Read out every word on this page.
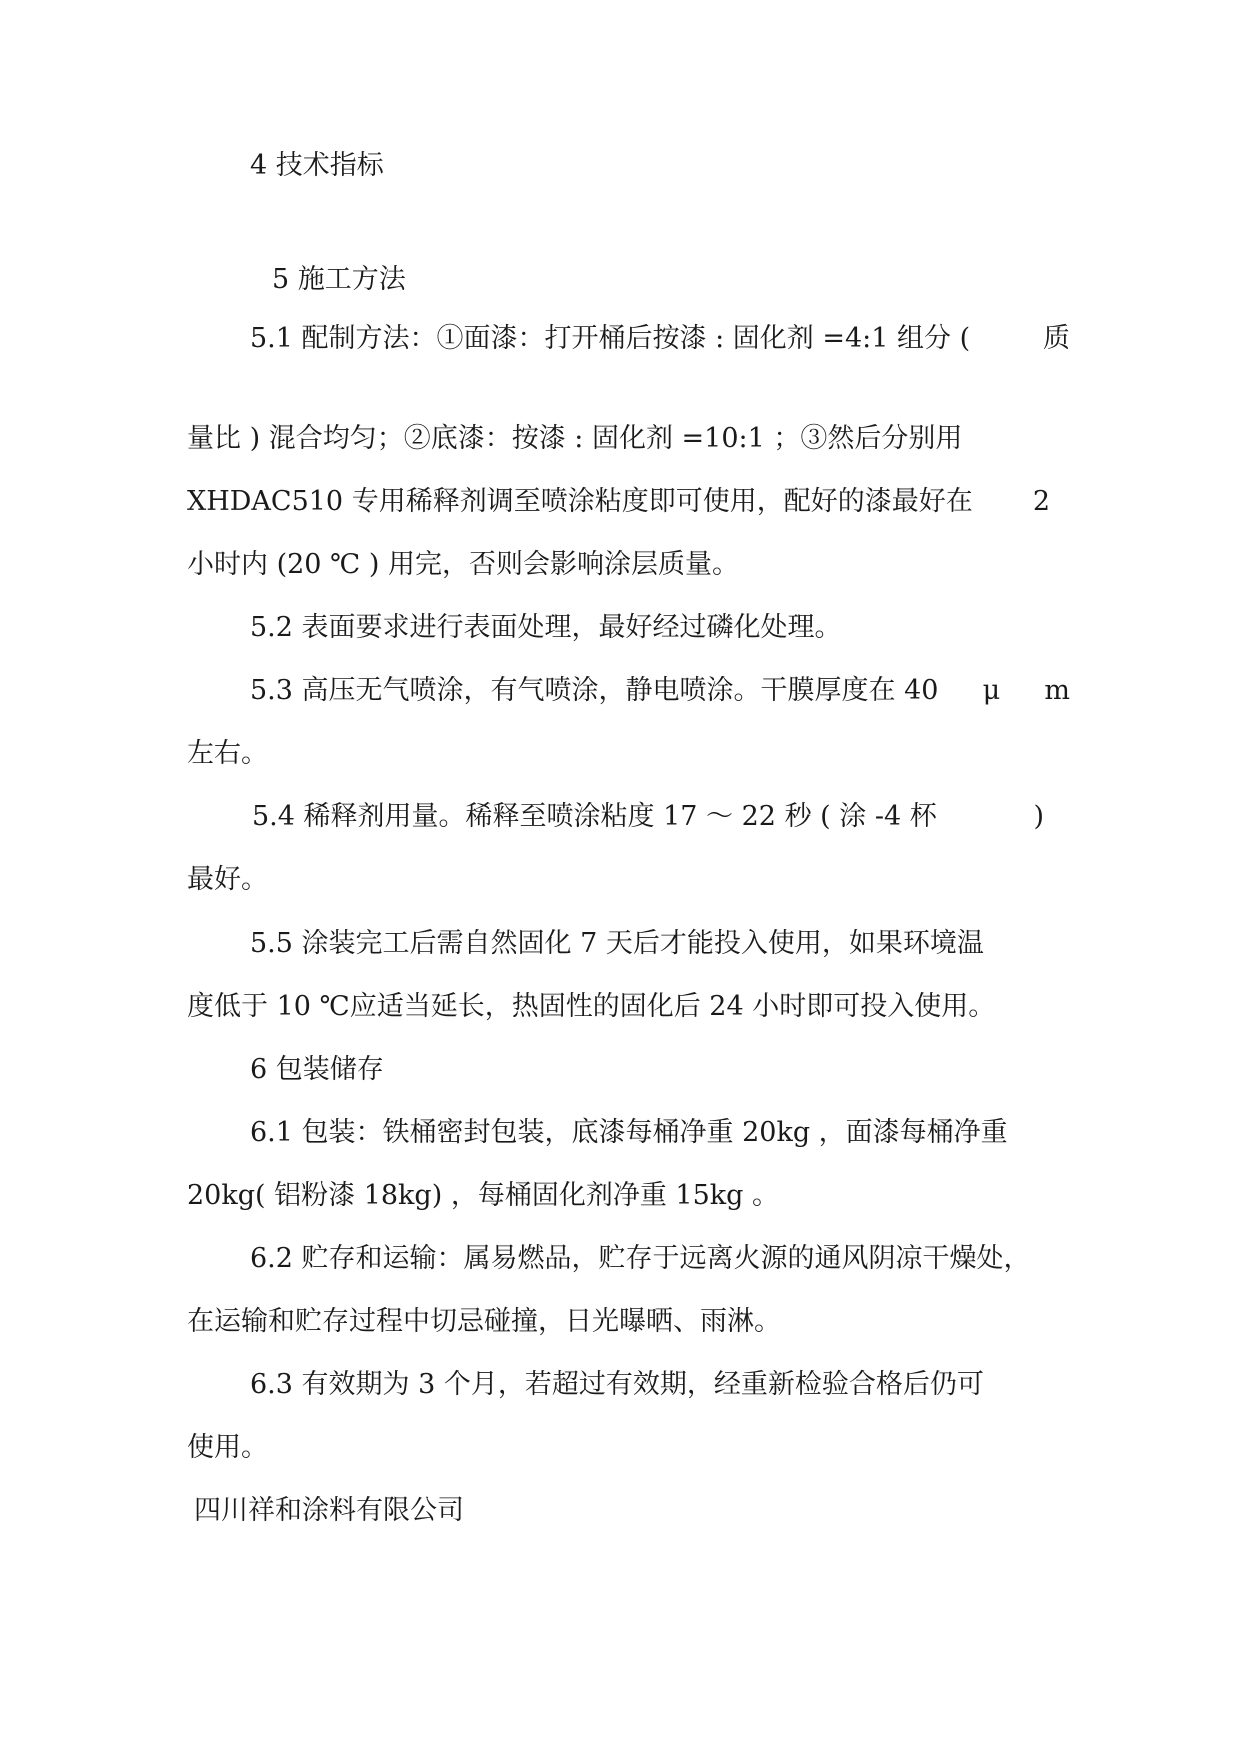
4 技术指标
5 施工方法
5.1 配制方法：①面漆：打开桶后按漆 : 固化剂 =4:1 组分 (	质
量比 ) 混合均匀；②底漆：按漆 : 固化剂 =10:1 ；③然后分别用
XHDAC510 专用稀释剂调至喷涂粘度即可使用，配好的漆最好在 2
小时内 (20 ℃ ) 用完，否则会影响涂层质量。
5.2 表面要求进行表面处理，最好经过磷化处理。
5.3 高压无气喷涂，有气喷涂，静电喷涂。干膜厚度在 40 μ m
左右。
5.4 稀释剂用量。稀释至喷涂粘度 17 ～ 22 秒 ( 涂 -4 杯	)
最好。
5.5 涂装完工后需自然固化 7 天后才能投入使用，如果环境温
度低于 10 ℃应适当延长，热固性的固化后 24 小时即可投入使用。
6 包装储存
6.1 包装：铁桶密封包装，底漆每桶净重 20kg ，面漆每桶净重
20kg( 铝粉漆 18kg) ，每桶固化剂净重 15kg 。
6.2 贮存和运输：属易燃品，贮存于远离火源的通风阴凉干燥处，
在运输和贮存过程中切忌碰撞，日光曝晒、雨淋。
6.3 有效期为 3 个月，若超过有效期，经重新检验合格后仍可
使用。
四川祥和涂料有限公司
